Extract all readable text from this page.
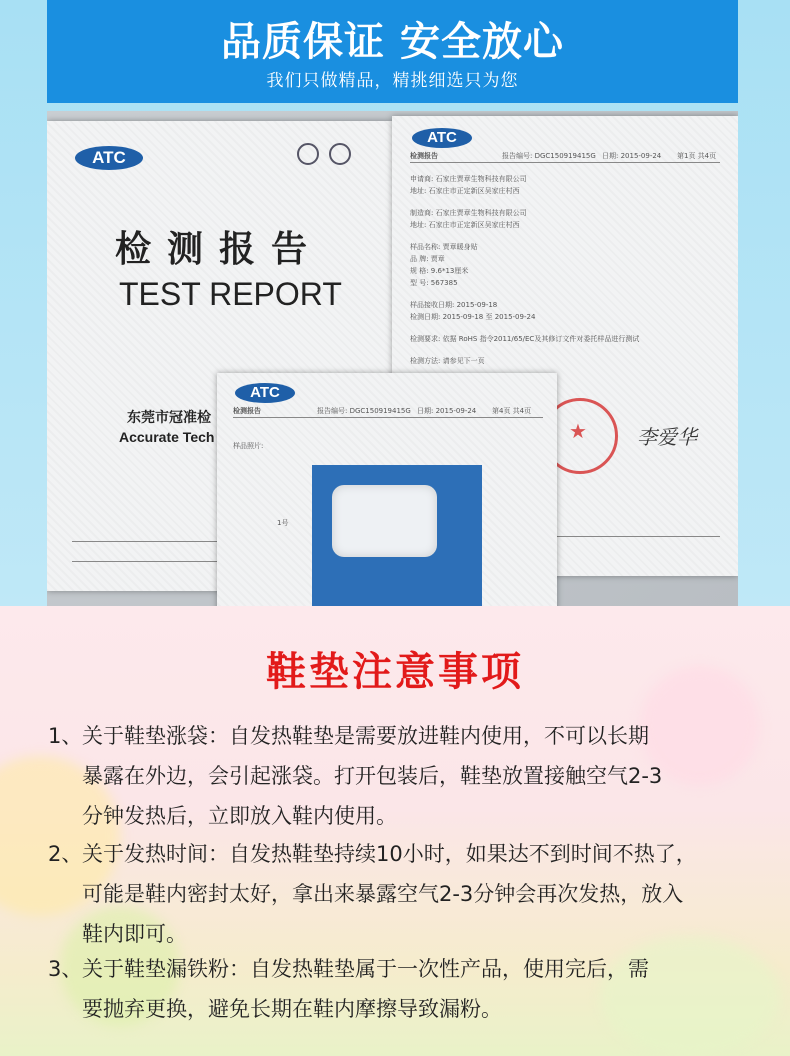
品质保证 安全放心
我们只做精品，精挑细选只为您
ATC
检测报告
TEST REPORT
东莞市冠准检
Accurate Tech
ATC
检测报告	报告编号: DGC150919415G 日期: 2015-09-24 第1页 共4页
申请商: 石家庄贾章生物科技有限公司
地址: 石家庄市正定新区吴家庄村西
制造商: 石家庄贾章生物科技有限公司
地址: 石家庄市正定新区吴家庄村西
样品名称: 贾章暖身贴
品 牌: 贾章
规 格: 9.6*13厘米
型 号: 567385
样品接收日期: 2015-09-18
检测日期: 2015-09-18 至 2015-09-24
检测要求: 依据 RoHS 指令2011/65/EC及其修订文件对委托样品进行测试
检测方法: 请参见下一页
★
李爱华
ATC
检测报告	报告编号: DGC150919415G 日期: 2015-09-24 第4页 共4页
样品照片:
1号
鞋垫注意事项
1、关于鞋垫涨袋：自发热鞋垫是需要放进鞋内使用，不可以长期
暴露在外边，会引起涨袋。打开包装后，鞋垫放置接触空气2-3
分钟发热后，立即放入鞋内使用。
2、关于发热时间：自发热鞋垫持续10小时，如果达不到时间不热了，
可能是鞋内密封太好，拿出来暴露空气2-3分钟会再次发热，放入
鞋内即可。
3、关于鞋垫漏铁粉：自发热鞋垫属于一次性产品，使用完后，需
要抛弃更换，避免长期在鞋内摩擦导致漏粉。
